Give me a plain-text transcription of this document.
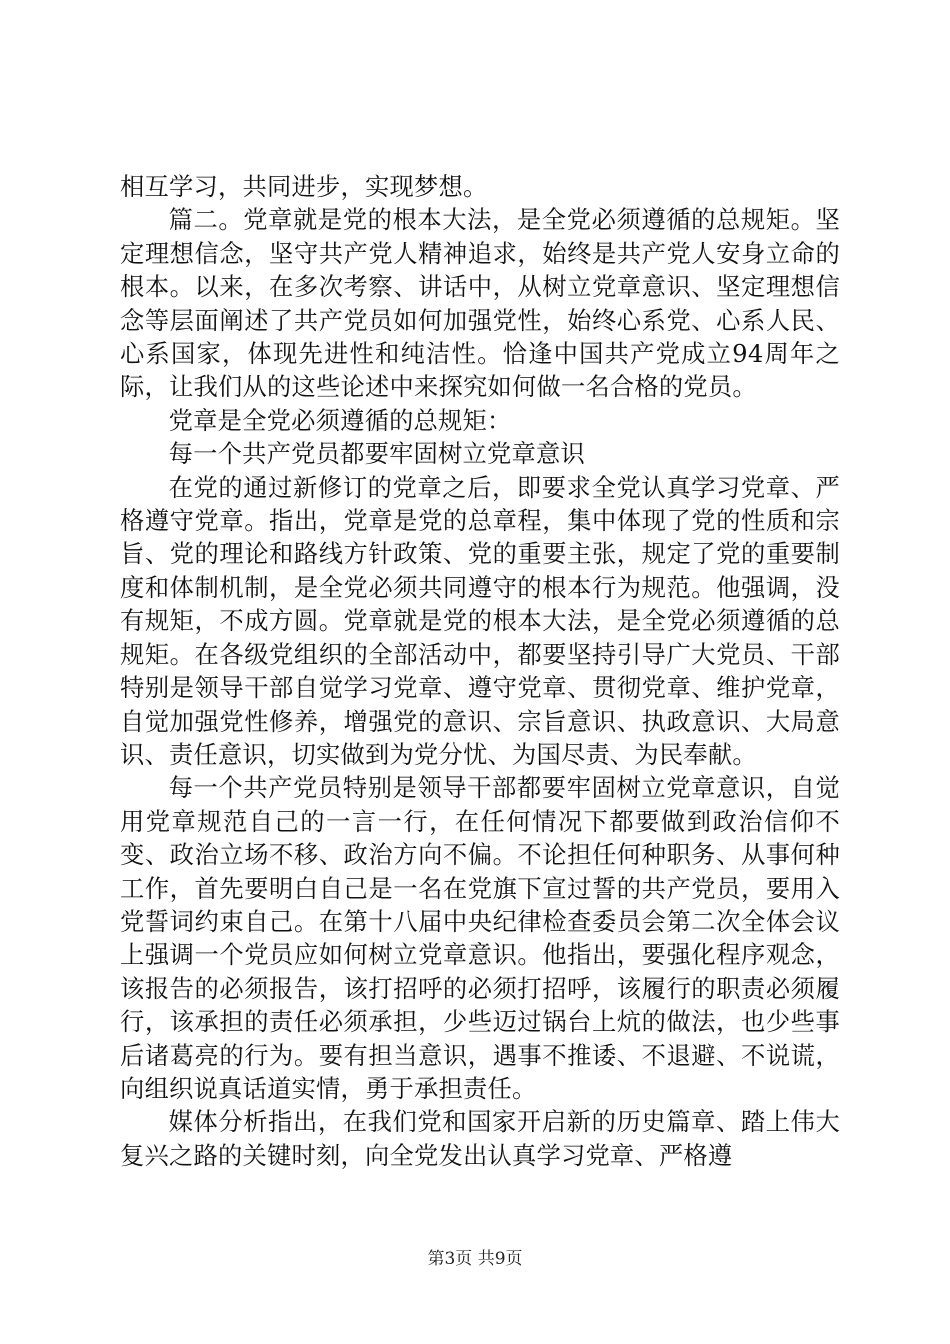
相互学习，共同进步，实现梦想。

篇二。党章就是党的根本大法，是全党必须遵循的总规矩。坚定理想信念，坚守共产党人精神追求，始终是共产党人安身立命的根本。以来，在多次考察、讲话中，从树立党章意识、坚定理想信念等层面阐述了共产党员如何加强党性，始终心系党、心系人民、心系国家，体现先进性和纯洁性。恰逢中国共产党成立94周年之际，让我们从的这些论述中来探究如何做一名合格的党员。

党章是全党必须遵循的总规矩：

每一个共产党员都要牢固树立党章意识

在党的通过新修订的党章之后，即要求全党认真学习党章、严格遵守党章。指出，党章是党的总章程，集中体现了党的性质和宗旨、党的理论和路线方针政策、党的重要主张，规定了党的重要制度和体制机制，是全党必须共同遵守的根本行为规范。他强调，没有规矩，不成方圆。党章就是党的根本大法，是全党必须遵循的总规矩。在各级党组织的全部活动中，都要坚持引导广大党员、干部特别是领导干部自觉学习党章、遵守党章、贯彻党章、维护党章，自觉加强党性修养，增强党的意识、宗旨意识、执政意识、大局意识、责任意识，切实做到为党分忧、为国尽责、为民奉献。

每一个共产党员特别是领导干部都要牢固树立党章意识，自觉用党章规范自己的一言一行，在任何情况下都要做到政治信仰不变、政治立场不移、政治方向不偏。不论担任何种职务、从事何种工作，首先要明白自己是一名在党旗下宣过誓的共产党员，要用入党誓词约束自己。在第十八届中央纪律检查委员会第二次全体会议上强调一个党员应如何树立党章意识。他指出，要强化程序观念，该报告的必须报告，该打招呼的必须打招呼，该履行的职责必须履行，该承担的责任必须承担，少些迈过锅台上炕的做法，也少些事后诸葛亮的行为。要有担当意识，遇事不推诿、不退避、不说谎，向组织说真话道实情，勇于承担责任。

媒体分析指出，在我们党和国家开启新的历史篇章、踏上伟大复兴之路的关键时刻，向全党发出认真学习党章、严格遵

第3页 共9页
